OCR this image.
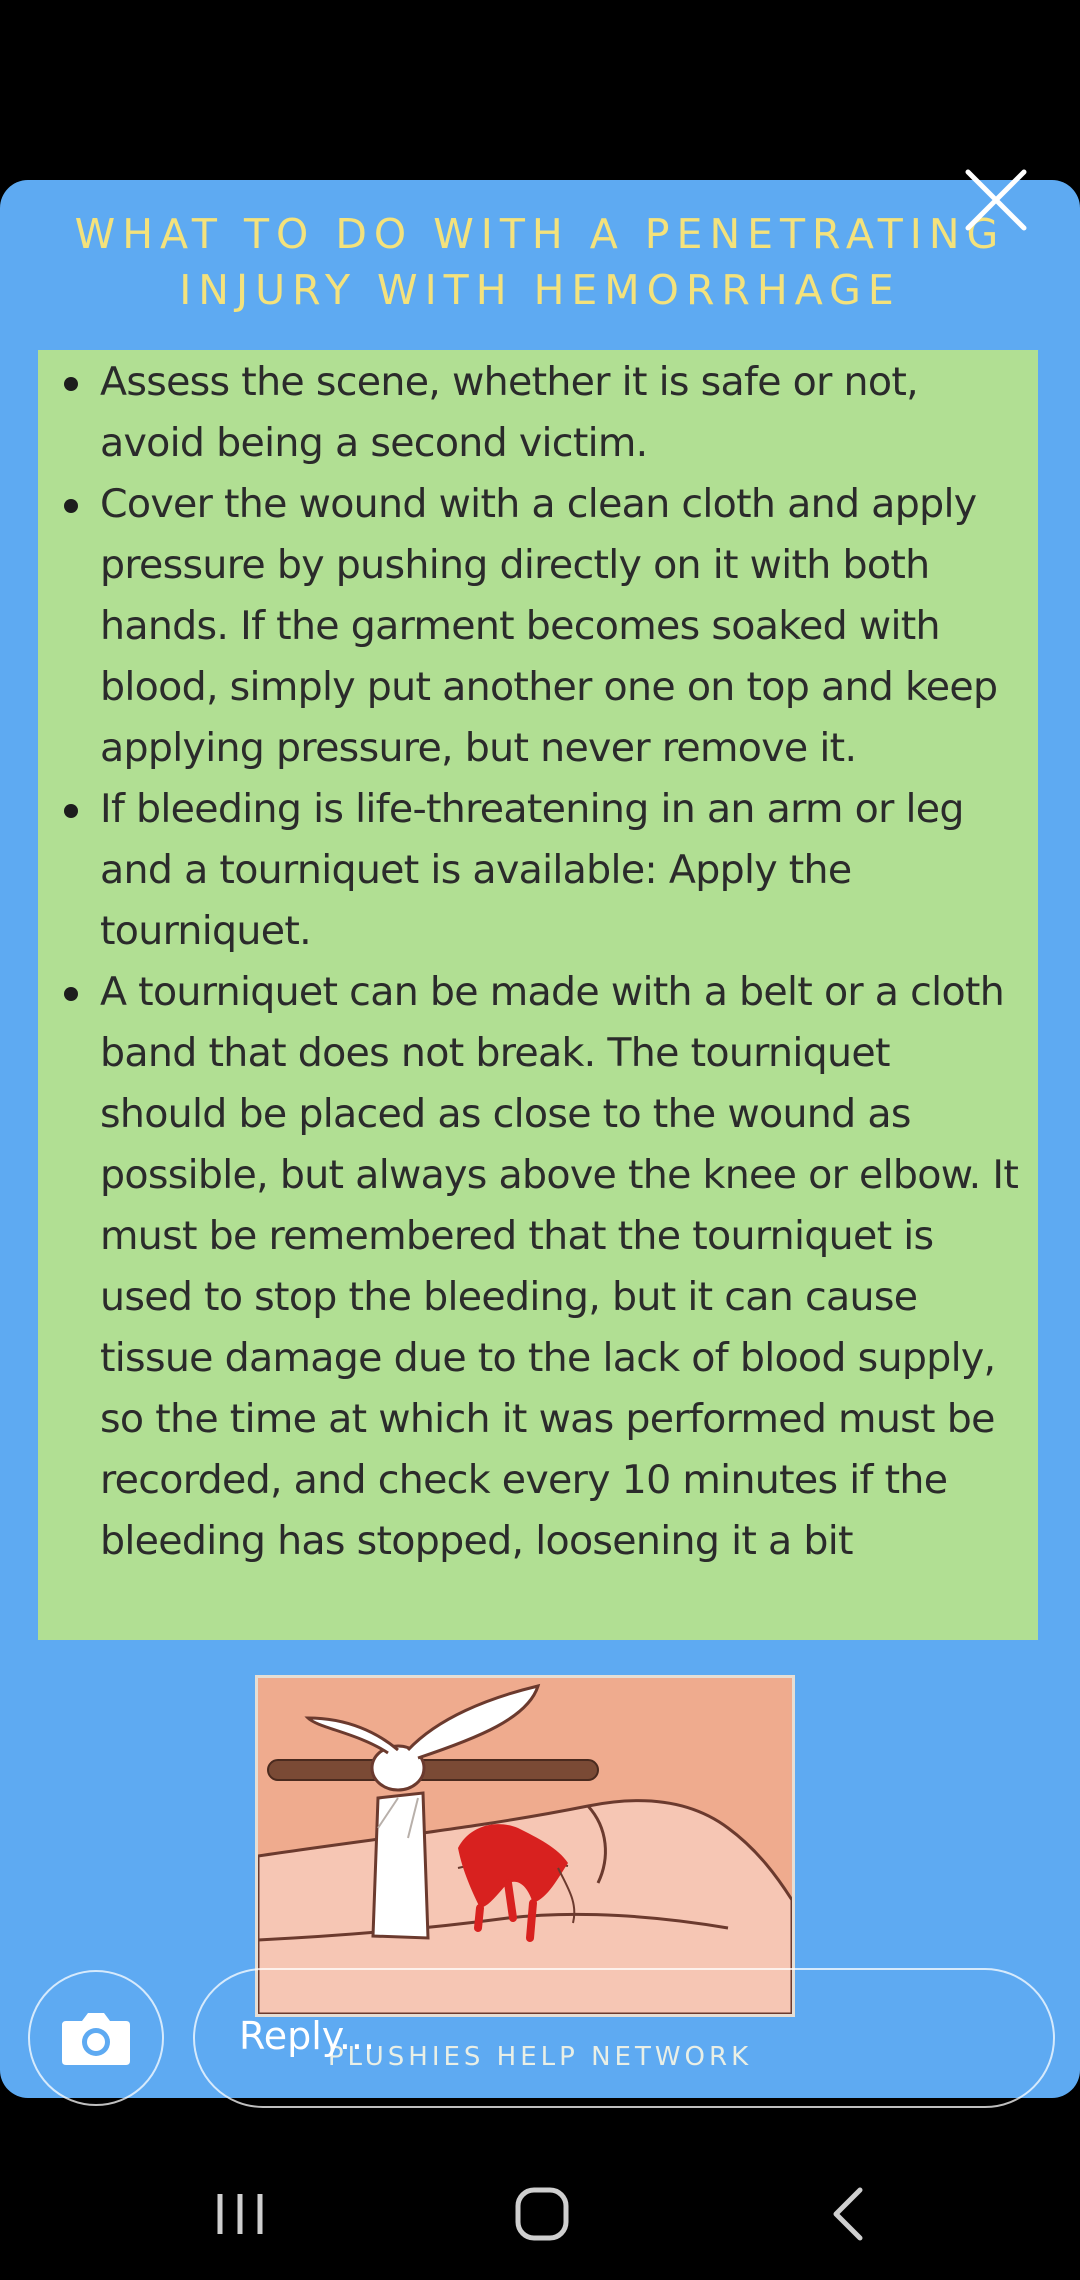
WHAT TO DO WITH A PENETRATING
INJURY WITH HEMORRHAGE
Assess the scene, whether it is safe or not, avoid being a second victim.
Cover the wound with a clean cloth and apply pressure by pushing directly on it with both hands. If the garment becomes soaked with blood, simply put another one on top and keep applying pressure, but never remove it.
If bleeding is life-threatening in an arm or leg and a tourniquet is available: Apply the tourniquet.
A tourniquet can be made with a belt or a cloth band that does not break. The tourniquet should be placed as close to the wound as possible, but always above the knee or elbow. It must be remembered that the tourniquet is used to stop the bleeding, but it can cause tissue damage due to the lack of blood supply, so the time at which it was performed must be recorded, and check every 10 minutes if the bleeding has stopped, loosening it a bit
PLUSHIES HELP NETWORK
Reply...
